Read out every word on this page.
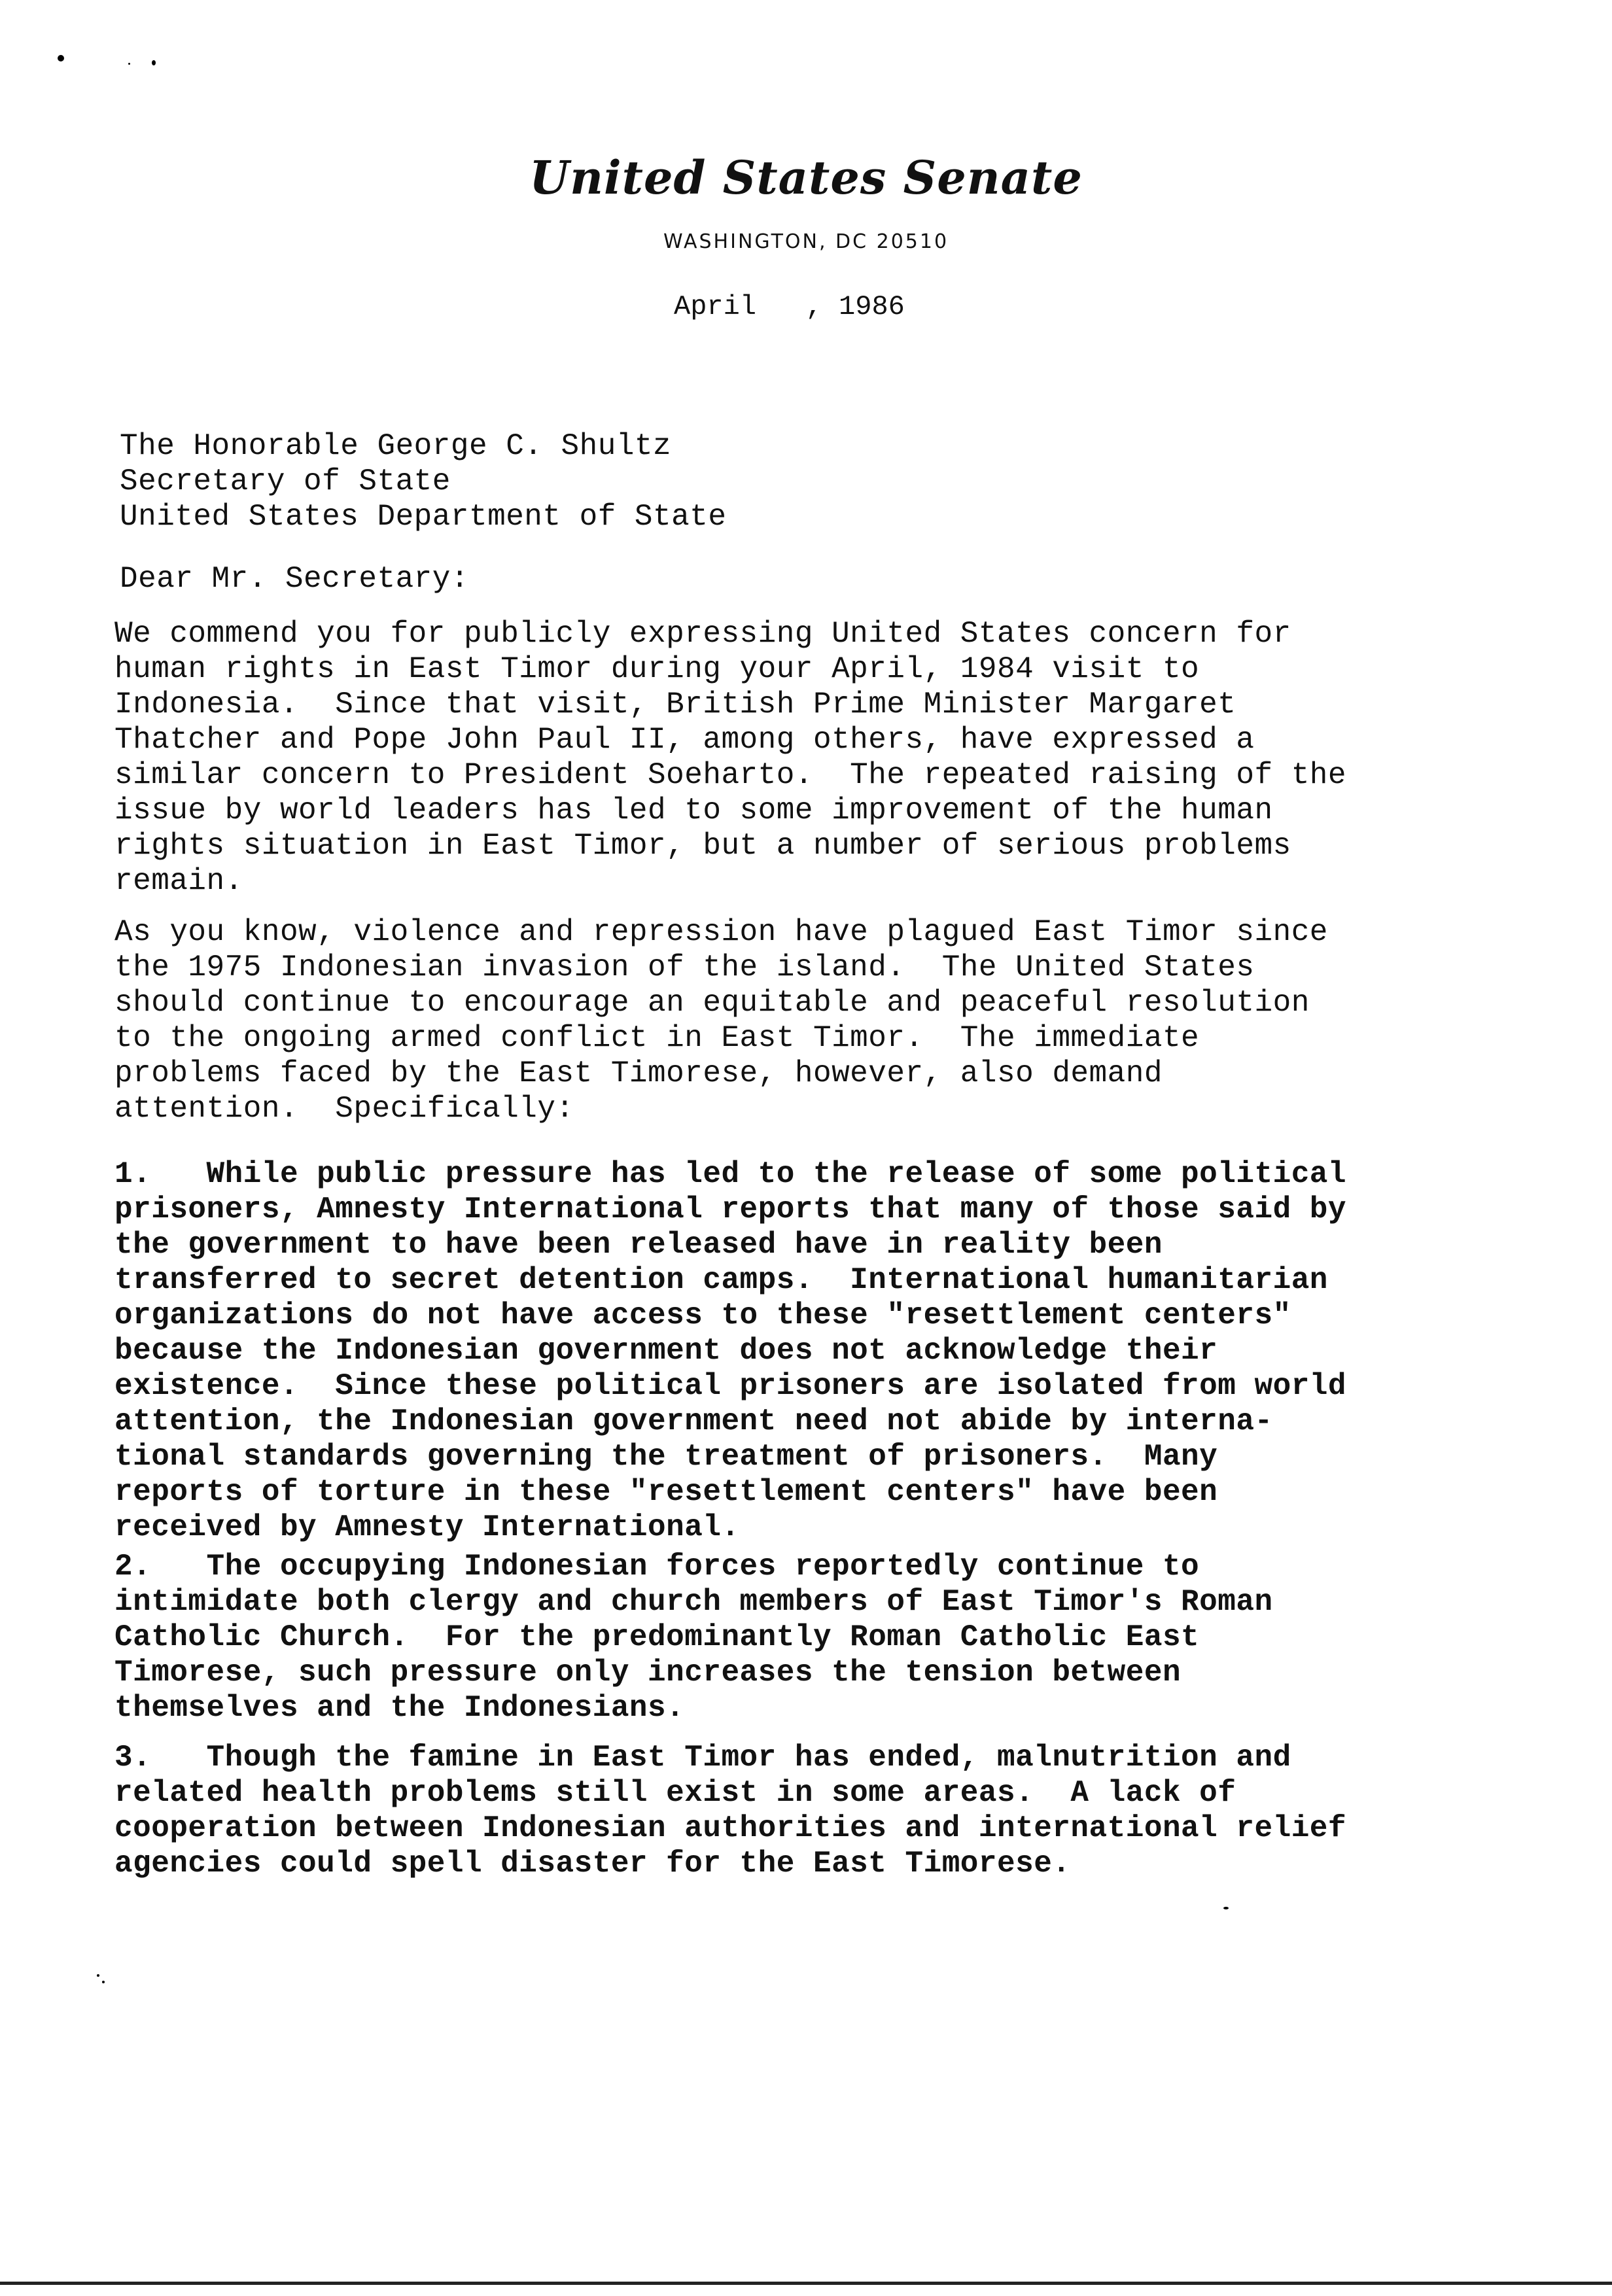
United States Senate
WASHINGTON, DC 20510
April   , 1986
The Honorable George C. Shultz
Secretary of State
United States Department of State
Dear Mr. Secretary:
We commend you for publicly expressing United States concern for
human rights in East Timor during your April, 1984 visit to
Indonesia.  Since that visit, British Prime Minister Margaret
Thatcher and Pope John Paul II, among others, have expressed a
similar concern to President Soeharto.  The repeated raising of the
issue by world leaders has led to some improvement of the human
rights situation in East Timor, but a number of serious problems
remain.
As you know, violence and repression have plagued East Timor since
the 1975 Indonesian invasion of the island.  The United States
should continue to encourage an equitable and peaceful resolution
to the ongoing armed conflict in East Timor.  The immediate
problems faced by the East Timorese, however, also demand
attention.  Specifically:
1.   While public pressure has led to the release of some political
prisoners, Amnesty International reports that many of those said by
the government to have been released have in reality been
transferred to secret detention camps.  International humanitarian
organizations do not have access to these "resettlement centers"
because the Indonesian government does not acknowledge their
existence.  Since these political prisoners are isolated from world
attention, the Indonesian government need not abide by interna-
tional standards governing the treatment of prisoners.  Many
reports of torture in these "resettlement centers" have been
received by Amnesty International.
2.   The occupying Indonesian forces reportedly continue to
intimidate both clergy and church members of East Timor's Roman
Catholic Church.  For the predominantly Roman Catholic East
Timorese, such pressure only increases the tension between
themselves and the Indonesians.
3.   Though the famine in East Timor has ended, malnutrition and
related health problems still exist in some areas.  A lack of
cooperation between Indonesian authorities and international relief
agencies could spell disaster for the East Timorese.
